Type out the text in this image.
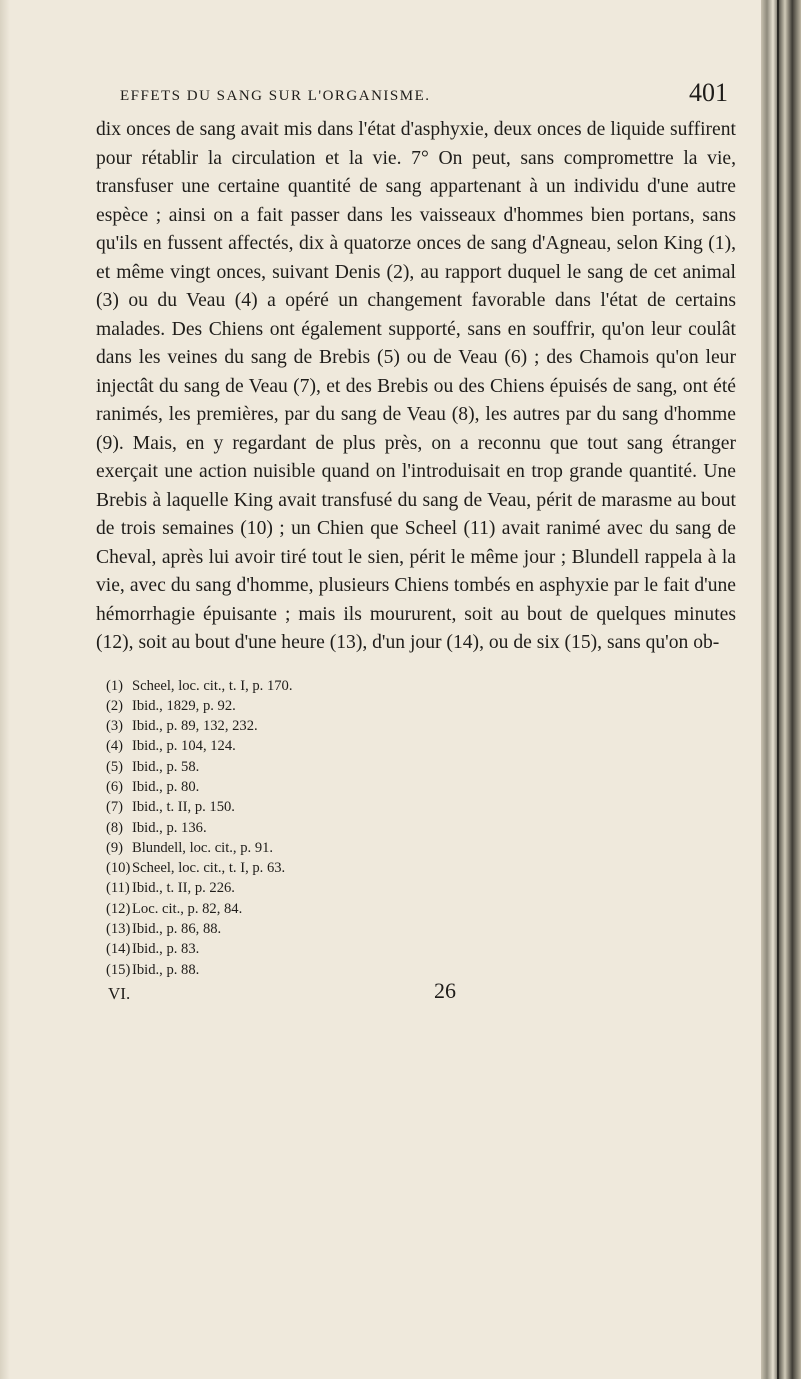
EFFETS DU SANG SUR L'ORGANISME.	401

dix onces de sang avait mis dans l'état d'asphyxie, deux onces de liquide suffirent pour rétablir la circulation et la vie. 7° On peut, sans compromettre la vie, transfuser une certaine quantité de sang appartenant à un individu d'une autre espèce ; ainsi on a fait passer dans les vaisseaux d'hommes bien portans, sans qu'ils en fussent affectés, dix à quatorze onces de sang d'Agneau, selon King (1), et même vingt onces, suivant Denis (2), au rapport duquel le sang de cet animal (3) ou du Veau (4) a opéré un changement favorable dans l'état de certains malades. Des Chiens ont également supporté, sans en souffrir, qu'on leur coulât dans les veines du sang de Brebis (5) ou de Veau (6) ; des Chamois qu'on leur injectât du sang de Veau (7), et des Brebis ou des Chiens épuisés de sang, ont été ranimés, les premières, par du sang de Veau (8), les autres par du sang d'homme (9). Mais, en y regardant de plus près, on a reconnu que tout sang étranger exerçait une action nuisible quand on l'introduisait en trop grande quantité. Une Brebis à laquelle King avait transfusé du sang de Veau, périt de marasme au bout de trois semaines (10) ; un Chien que Scheel (11) avait ranimé avec du sang de Cheval, après lui avoir tiré tout le sien, périt le même jour ; Blundell rappela à la vie, avec du sang d'homme, plusieurs Chiens tombés en asphyxie par le fait d'une hémorrhagie épuisante ; mais ils moururent, soit au bout de quelques minutes (12), soit au bout d'une heure (13), d'un jour (14), ou de six (15), sans qu'on ob-

(1) Scheel, loc. cit., t. I, p. 170.
(2) Ibid., 1829, p. 92.
(3) Ibid., p. 89, 132, 232.
(4) Ibid., p. 104, 124.
(5) Ibid., p. 58.
(6) Ibid., p. 80.
(7) Ibid., t. II, p. 150.
(8) Ibid., p. 136.
(9) Blundell, loc. cit., p. 91.
(10) Scheel, loc. cit., t. I, p. 63.
(11) Ibid., t. II, p. 226.
(12) Loc. cit., p. 82, 84.
(13) Ibid., p. 86, 88.
(14) Ibid., p. 83.
(15) Ibid., p. 88.
VI.	26
